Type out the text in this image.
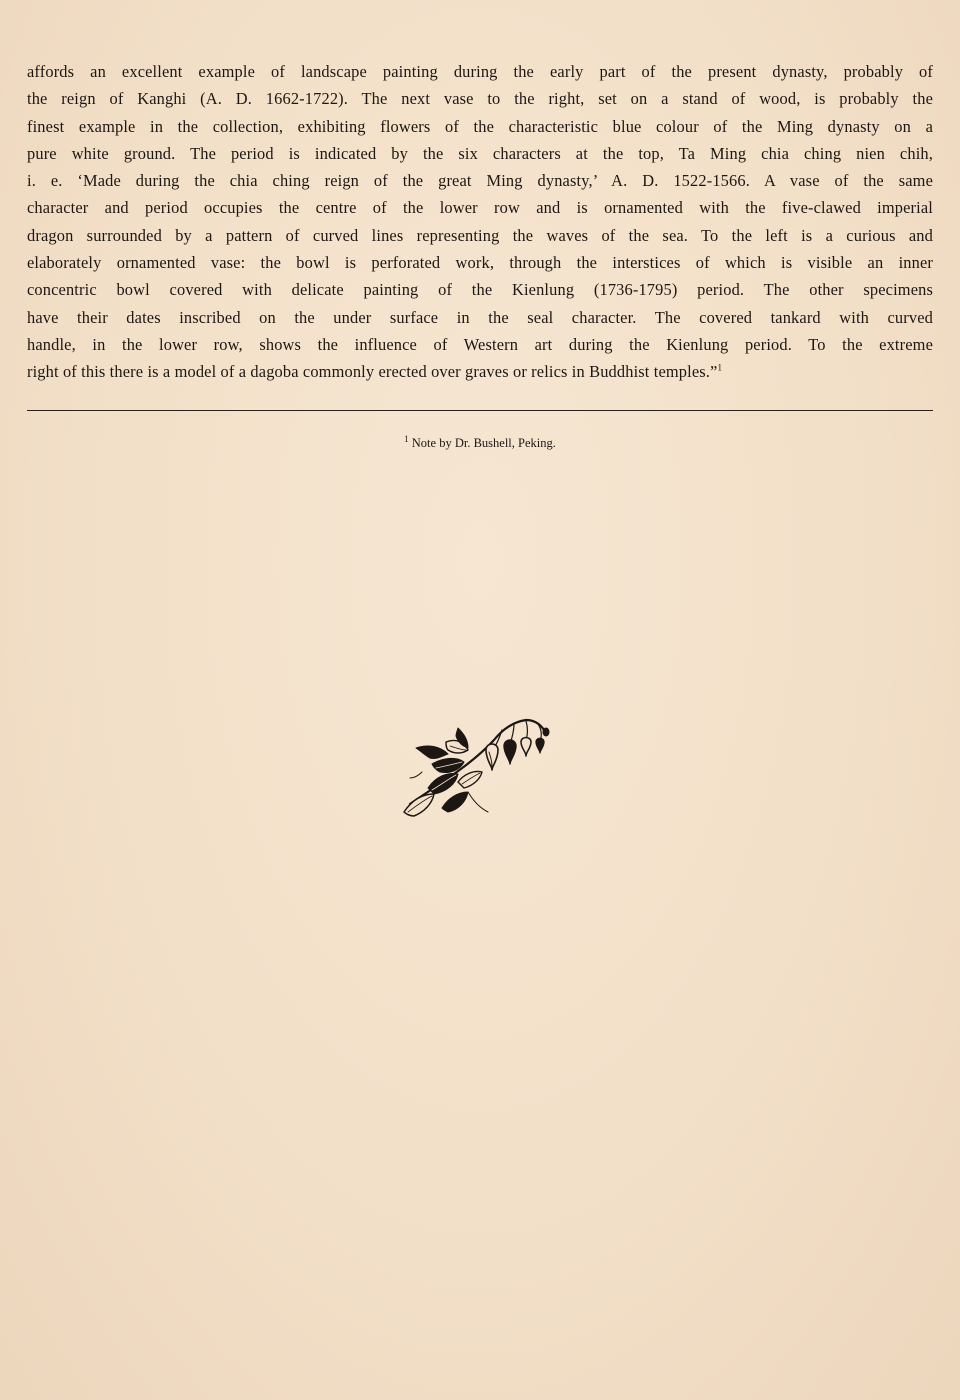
affords an excellent example of landscape painting during the early part of the present dynasty, probably of
the reign of Kanghi (A. D. 1662-1722). The next vase to the right, set on a stand of wood, is probably the
finest example in the collection, exhibiting flowers of the characteristic blue colour of the Ming dynasty on a
pure white ground. The period is indicated by the six characters at the top, Ta Ming chia ching nien chih,
i. e. ‘Made during the chia ching reign of the great Ming dynasty,’ A. D. 1522-1566. A vase of the same
character and period occupies the centre of the lower row and is ornamented with the five-clawed imperial
dragon surrounded by a pattern of curved lines representing the waves of the sea. To the left is a curious and
elaborately ornamented vase: the bowl is perforated work, through the interstices of which is visible an inner
concentric bowl covered with delicate painting of the Kienlung (1736-1795) period. The other specimens
have their dates inscribed on the under surface in the seal character. The covered tankard with curved
handle, in the lower row, shows the influence of Western art during the Kienlung period. To the extreme
right of this there is a model of a dagoba commonly erected over graves or relics in Buddhist temples.”$^1$

$^1$ Note by Dr. Bushell, Peking.
